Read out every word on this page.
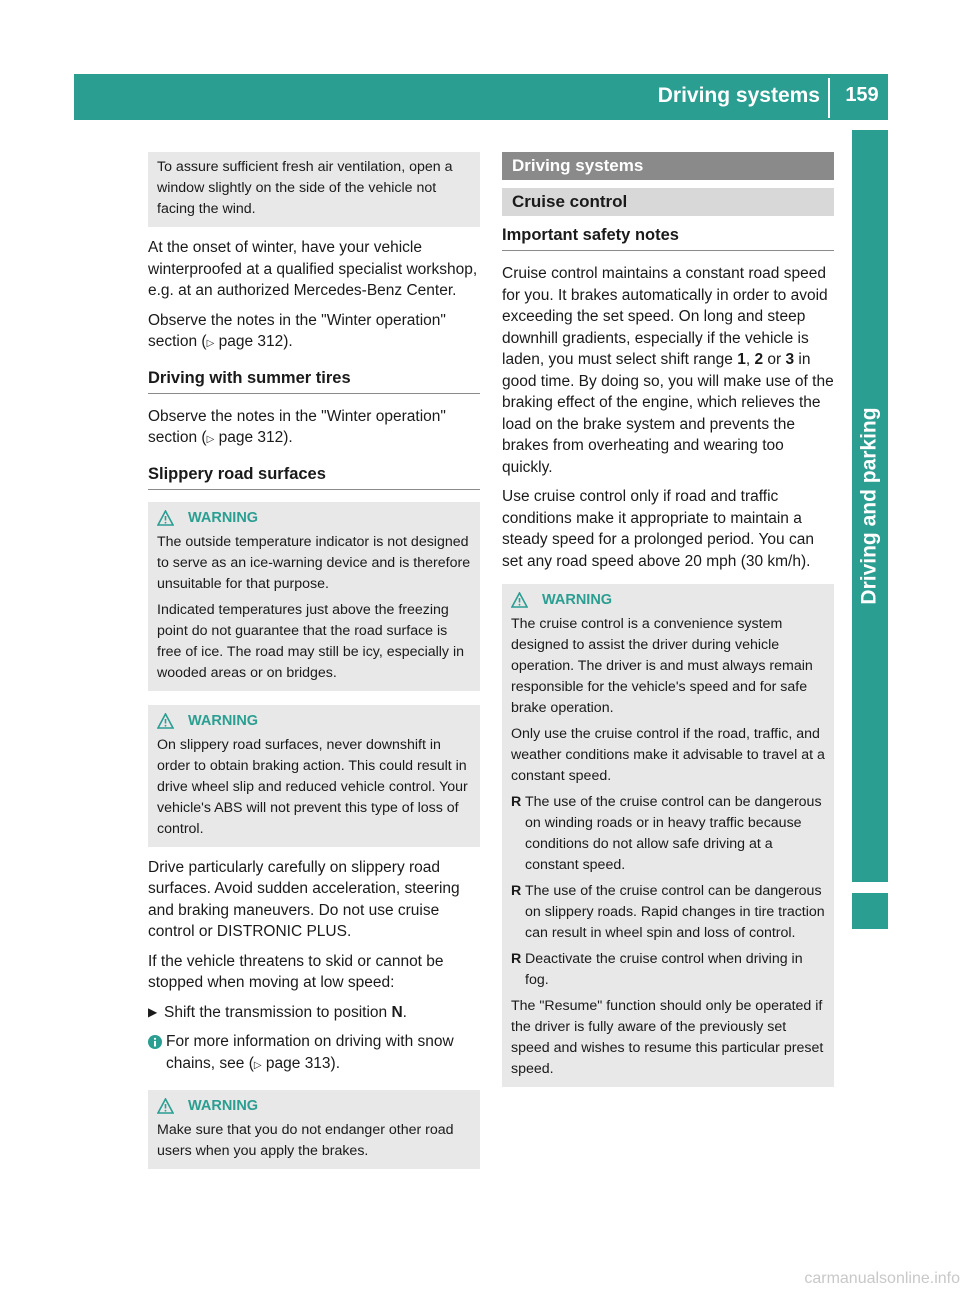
Driving systems	159
Driving and parking

To assure sufficient fresh air ventilation, open a window slightly on the side of the vehicle not facing the wind.

At the onset of winter, have your vehicle winterproofed at a qualified specialist workshop, e.g. at an authorized Mercedes-Benz Center.

Observe the notes in the "Winter operation" section (▷ page 312).

Driving with summer tires

Observe the notes in the "Winter operation" section (▷ page 312).

Slippery road surfaces
WARNING

The outside temperature indicator is not designed to serve as an ice-warning device and is therefore unsuitable for that purpose.

Indicated temperatures just above the freezing point do not guarantee that the road surface is free of ice. The road may still be icy, especially in wooded areas or on bridges.

WARNING

On slippery road surfaces, never downshift in order to obtain braking action. This could result in drive wheel slip and reduced vehicle control. Your vehicle's ABS will not prevent this type of loss of control.

Drive particularly carefully on slippery road surfaces. Avoid sudden acceleration, steering and braking maneuvers. Do not use cruise control or DISTRONIC PLUS.

If the vehicle threatens to skid or cannot be stopped when moving at low speed:

▶ Shift the transmission to position N.
For more information on driving with snow chains, see (▷ page 313).
WARNING

Make sure that you do not endanger other road users when you apply the brakes.

Driving systems
Cruise control
Important safety notes

Cruise control maintains a constant road speed for you. It brakes automatically in order to avoid exceeding the set speed. On long and steep downhill gradients, especially if the vehicle is laden, you must select shift range 1, 2 or 3 in good time. By doing so, you will make use of the braking effect of the engine, which relieves the load on the brake system and prevents the brakes from overheating and wearing too quickly.

Use cruise control only if road and traffic conditions make it appropriate to maintain a steady speed for a prolonged period. You can set any road speed above 20 mph (30 km/h).

WARNING

The cruise control is a convenience system designed to assist the driver during vehicle operation. The driver is and must always remain responsible for the vehicle's speed and for safe brake operation.

Only use the cruise control if the road, traffic, and weather conditions make it advisable to travel at a constant speed.

R The use of the cruise control can be dangerous on winding roads or in heavy traffic because conditions do not allow safe driving at a constant speed.
R The use of the cruise control can be dangerous on slippery roads. Rapid changes in tire traction can result in wheel spin and loss of control.
R Deactivate the cruise control when driving in fog.

The "Resume" function should only be operated if the driver is fully aware of the previously set speed and wishes to resume this particular preset speed.

carmanualsonline.info
